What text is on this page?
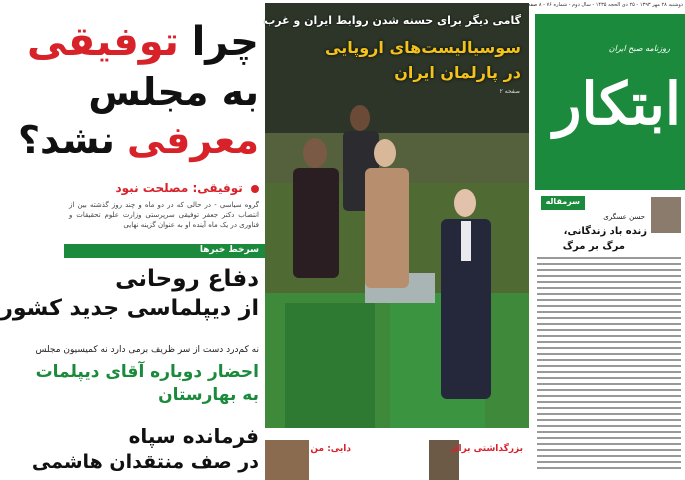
چرا توفیقی
به مجلس
معرفی نشد؟
توفیقی: مصلحت نبود
گروه سیاسی - در حالی که در دو ماه و چند روز گذشته بین از انتصاب دکتر جعفر توفیقی سرپرستی وزارت علوم تحقیقات و فناوری در یک ماه آینده او به عنوان گزینه نهایی
سرخط خبرها
دفاع روحانی
از دیپلماسی جدید کشور
نه کم‌درد دست از سر ظریف برمی دارد نه کمیسیون مجلس
احضار دوباره آقای دیپلمات
به بهارستان
فرمانده سپاه
در صف منتقدان هاشمی
گامی دیگر برای حسنه شدن روابط ایران و غرب
سوسیالیست‌های اروپایی
در پارلمان ایران
صفحه ۲
بزرگداشتی برای
دایی: من
دوشنبه ۲۸ مهر ۱۳۹۳ - ۲۵ ذی الحجه ۱۴۳۵ - سال دوم - شماره ۷۶ - ۸ صفحه
روزنامه صبح ایران
ابتکار
سرمقاله
حسن عسگری
زنده باد زندگانی،
مرگ بر مرگ
